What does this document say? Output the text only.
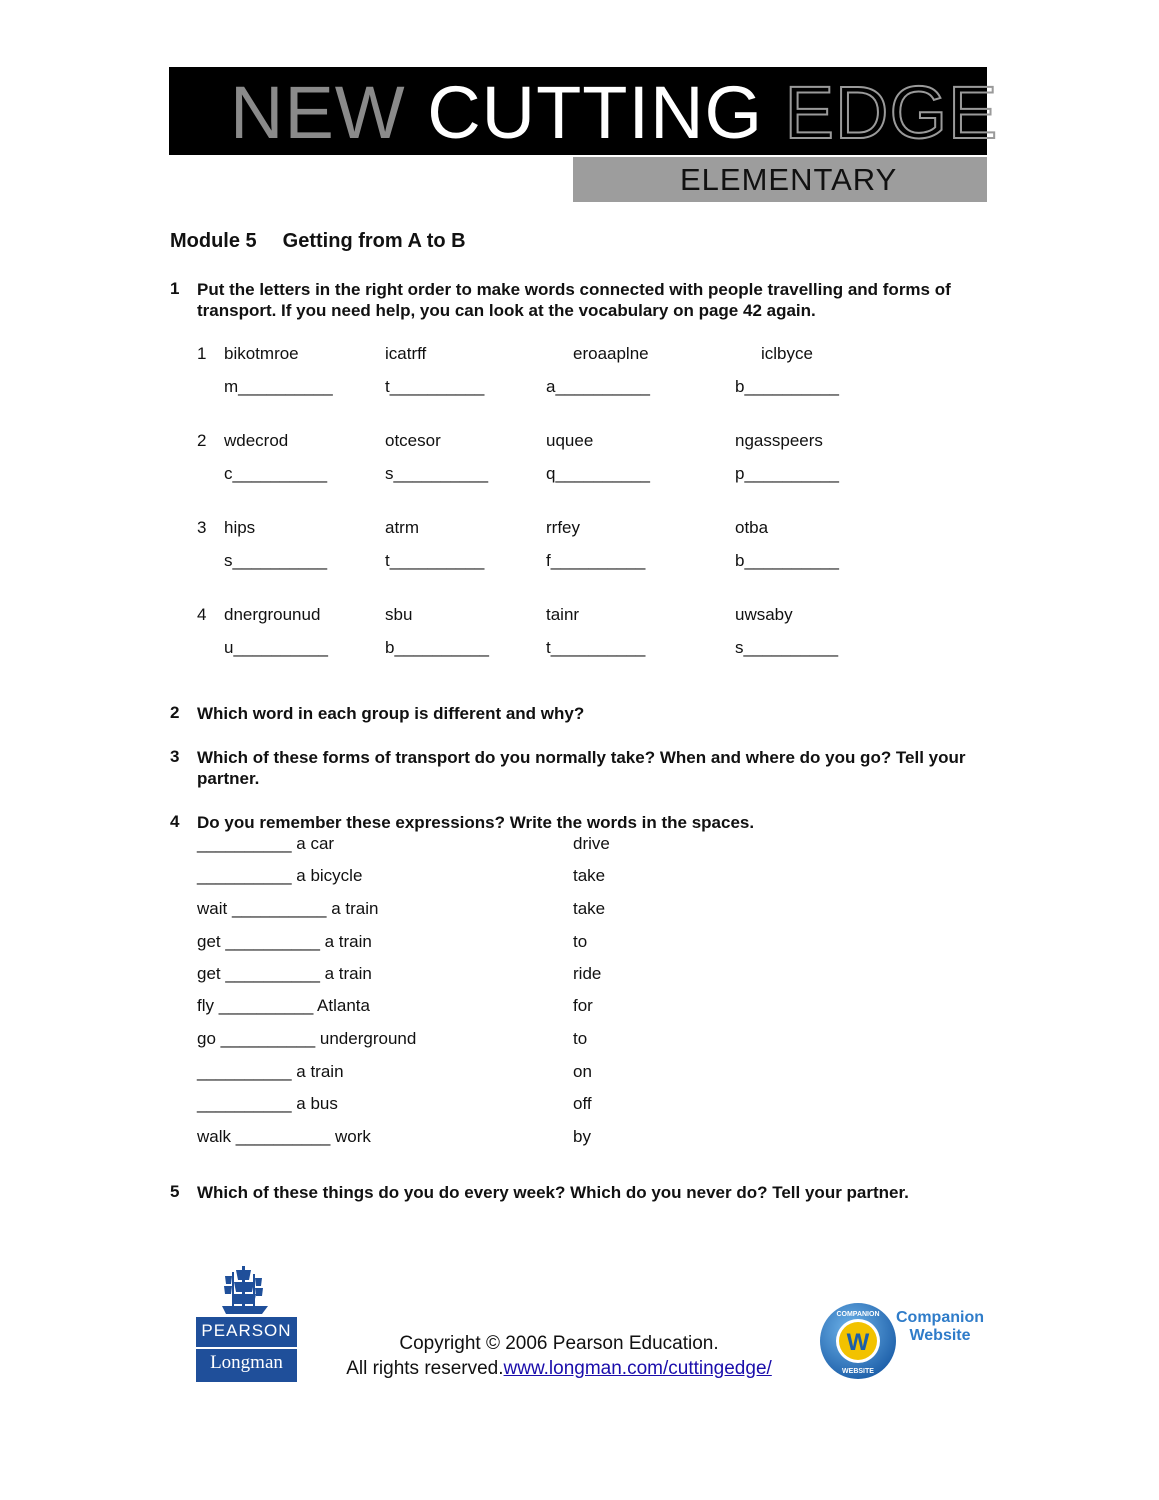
NEW CUTTING EDGE
ELEMENTARY
Module 5 Getting from A to B
1 Put the letters in the right order to make words connected with people travelling and forms of transport. If you need help, you can look at the vocabulary on page 42 again.
1 bikotmroe	icatrff	eroaaplne	iclbyce
m__________	t__________	a__________	b__________
2 wdecrod	otcesor	uquee	ngasspeers
c__________	s__________	q__________	p__________
3 hips	atrm	rrfey	otba
s__________	t__________	f__________	b__________
4 dnergrounud	sbu	tainr	uwsaby
u__________	b__________	t__________	s__________
2 Which word in each group is different and why?
3 Which of these forms of transport do you normally take? When and where do you go? Tell your partner.
4 Do you remember these expressions? Write the words in the spaces.
__________ a car	drive
__________ a bicycle	take
wait __________ a train	take
get __________ a train	to
get __________ a train	ride
fly __________ Atlanta	for
go __________ underground	to
__________ a train	on
__________ a bus	off
walk __________ work	by
5 Which of these things do you do every week? Which do you never do? Tell your partner.
PEARSON
Longman
Copyright © 2006 Pearson Education.
All rights reserved.www.longman.com/cuttingedge/
W
COMPANION
WEBSITE
Companion
Website
